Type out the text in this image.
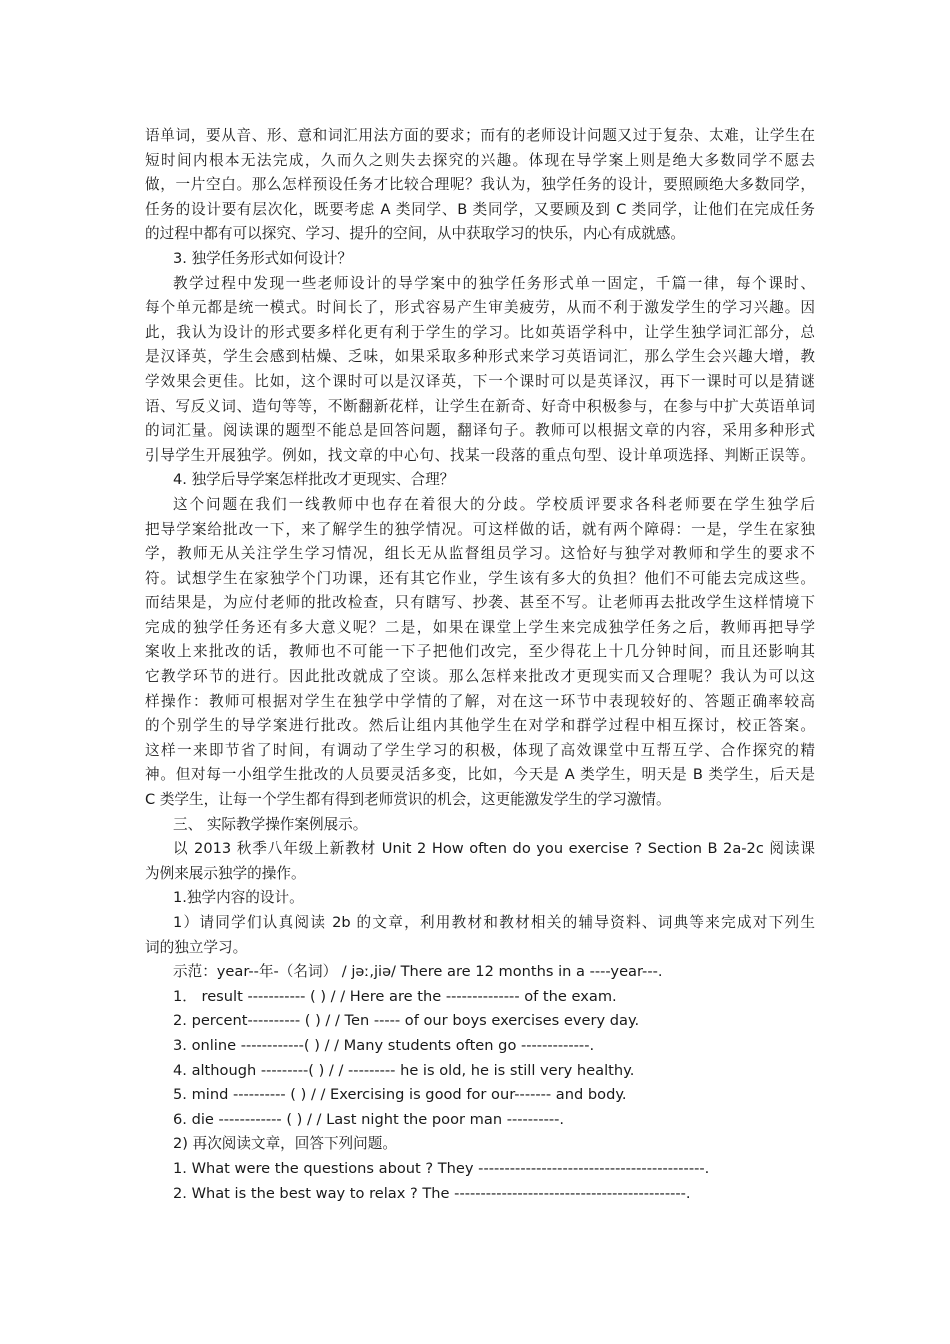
语单词，要从音、形、意和词汇用法方面的要求；而有的老师设计问题又过于复杂、太难，让学生在
短时间内根本无法完成，久而久之则失去探究的兴趣。体现在导学案上则是绝大多数同学不愿去
做，一片空白。那么怎样预设任务才比较合理呢？我认为，独学任务的设计，要照顾绝大多数同学，
任务的设计要有层次化，既要考虑 A 类同学、B 类同学，又要顾及到 C 类同学，让他们在完成任务
的过程中都有可以探究、学习、提升的空间，从中获取学习的快乐，内心有成就感。
3. 独学任务形式如何设计？
教学过程中发现一些老师设计的导学案中的独学任务形式单一固定，千篇一律，每个课时、
每个单元都是统一模式。时间长了，形式容易产生审美疲劳，从而不利于激发学生的学习兴趣。因
此，我认为设计的形式要多样化更有利于学生的学习。比如英语学科中，让学生独学词汇部分，总
是汉译英，学生会感到枯燥、乏味，如果采取多种形式来学习英语词汇，那么学生会兴趣大增，教
学效果会更佳。比如，这个课时可以是汉译英，下一个课时可以是英译汉，再下一课时可以是猜谜
语、写反义词、造句等等，不断翻新花样，让学生在新奇、好奇中积极参与，在参与中扩大英语单词
的词汇量。阅读课的题型不能总是回答问题，翻译句子。教师可以根据文章的内容，采用多种形式
引导学生开展独学。例如，找文章的中心句、找某一段落的重点句型、设计单项选择、判断正误等。
4. 独学后导学案怎样批改才更现实、合理？
这个问题在我们一线教师中也存在着很大的分歧。学校质评要求各科老师要在学生独学后
把导学案给批改一下，来了解学生的独学情况。可这样做的话，就有两个障碍：一是，学生在家独
学，教师无从关注学生学习情况，组长无从监督组员学习。这恰好与独学对教师和学生的要求不
符。试想学生在家独学个门功课，还有其它作业，学生该有多大的负担？他们不可能去完成这些。
而结果是，为应付老师的批改检查，只有瞎写、抄袭、甚至不写。让老师再去批改学生这样情境下
完成的独学任务还有多大意义呢？二是，如果在课堂上学生来完成独学任务之后，教师再把导学
案收上来批改的话，教师也不可能一下子把他们改完，至少得花上十几分钟时间，而且还影响其
它教学环节的进行。因此批改就成了空谈。那么怎样来批改才更现实而又合理呢？我认为可以这
样操作：教师可根据对学生在独学中学情的了解，对在这一环节中表现较好的、答题正确率较高
的个别学生的导学案进行批改。然后让组内其他学生在对学和群学过程中相互探讨，校正答案。
这样一来即节省了时间，有调动了学生学习的积极，体现了高效课堂中互帮互学、合作探究的精
神。但对每一小组学生批改的人员要灵活多变，比如，今天是 A 类学生，明天是 B 类学生，后天是
C 类学生，让每一个学生都有得到老师赏识的机会，这更能激发学生的学习激情。
三、 实际教学操作案例展示。
以 2013 秋季八年级上新教材 Unit 2 How often do you exercise ? Section B 2a-2c 阅读课
为例来展示独学的操作。
1.独学内容的设计。
1）请同学们认真阅读 2b 的文章，利用教材和教材相关的辅导资料、词典等来完成对下列生
词的独立学习。
示范：year--年-（名词） / jəː,jiə/ There are 12 months in a ----year---.
1． result ----------- ( ) / / Here are the -------------- of the exam.
2. percent---------- ( ) / / Ten ----- of our boys exercises every day.
3. online ------------( ) / / Many students often go -------------.
4. although ---------( ) / / --------- he is old, he is still very healthy.
5. mind ---------- ( ) / / Exercising is good for our------- and body.
6. die ------------ ( ) / / Last night the poor man ----------.
2) 再次阅读文章，回答下列问题。
1. What were the questions about ? They -------------------------------------------.
2. What is the best way to relax ? The --------------------------------------------.
